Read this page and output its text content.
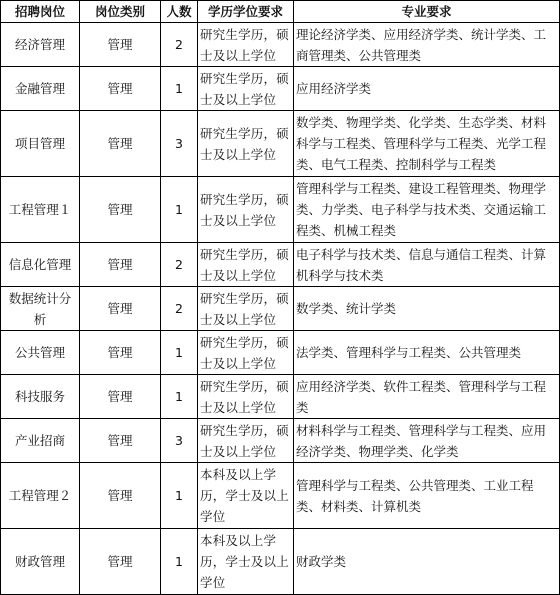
招聘岗位	岗位类别	人数	学历学位要求	专业要求
经济管理	管理	2	研究生学历，硕士及以上学位	理论经济学类、应用经济学类、统计学类、工商管理类、公共管理类
金融管理	管理	1	研究生学历，硕士及以上学位	应用经济学类
项目管理	管理	3	研究生学历，硕士及以上学位	数学类、物理学类、化学类、生态学类、材料科学与工程类、管理科学与工程类、光学工程类、电气工程类、控制科学与工程类
工程管理１	管理	1	研究生学历，硕士及以上学位	管理科学与工程类、建设工程管理类、物理学类、力学类、电子科学与技术类、交通运输工程类、机械工程类
信息化管理	管理	2	研究生学历，硕士及以上学位	电子科学与技术类、信息与通信工程类、计算机科学与技术类
数据统计分析	管理	2	研究生学历，硕士及以上学位	数学类、统计学类
公共管理	管理	1	研究生学历，硕士及以上学位	法学类、管理科学与工程类、公共管理类
科技服务	管理	1	研究生学历，硕士及以上学位	应用经济学类、软件工程类、管理科学与工程类
产业招商	管理	3	研究生学历，硕士及以上学位	材料科学与工程类、管理科学与工程类、应用经济学类、物理学类、化学类
工程管理２	管理	1	本科及以上学历，学士及以上学位	管理科学与工程类、公共管理类、工业工程类、材料类、计算机类
财政管理	管理	1	本科及以上学历，学士及以上学位	财政学类
